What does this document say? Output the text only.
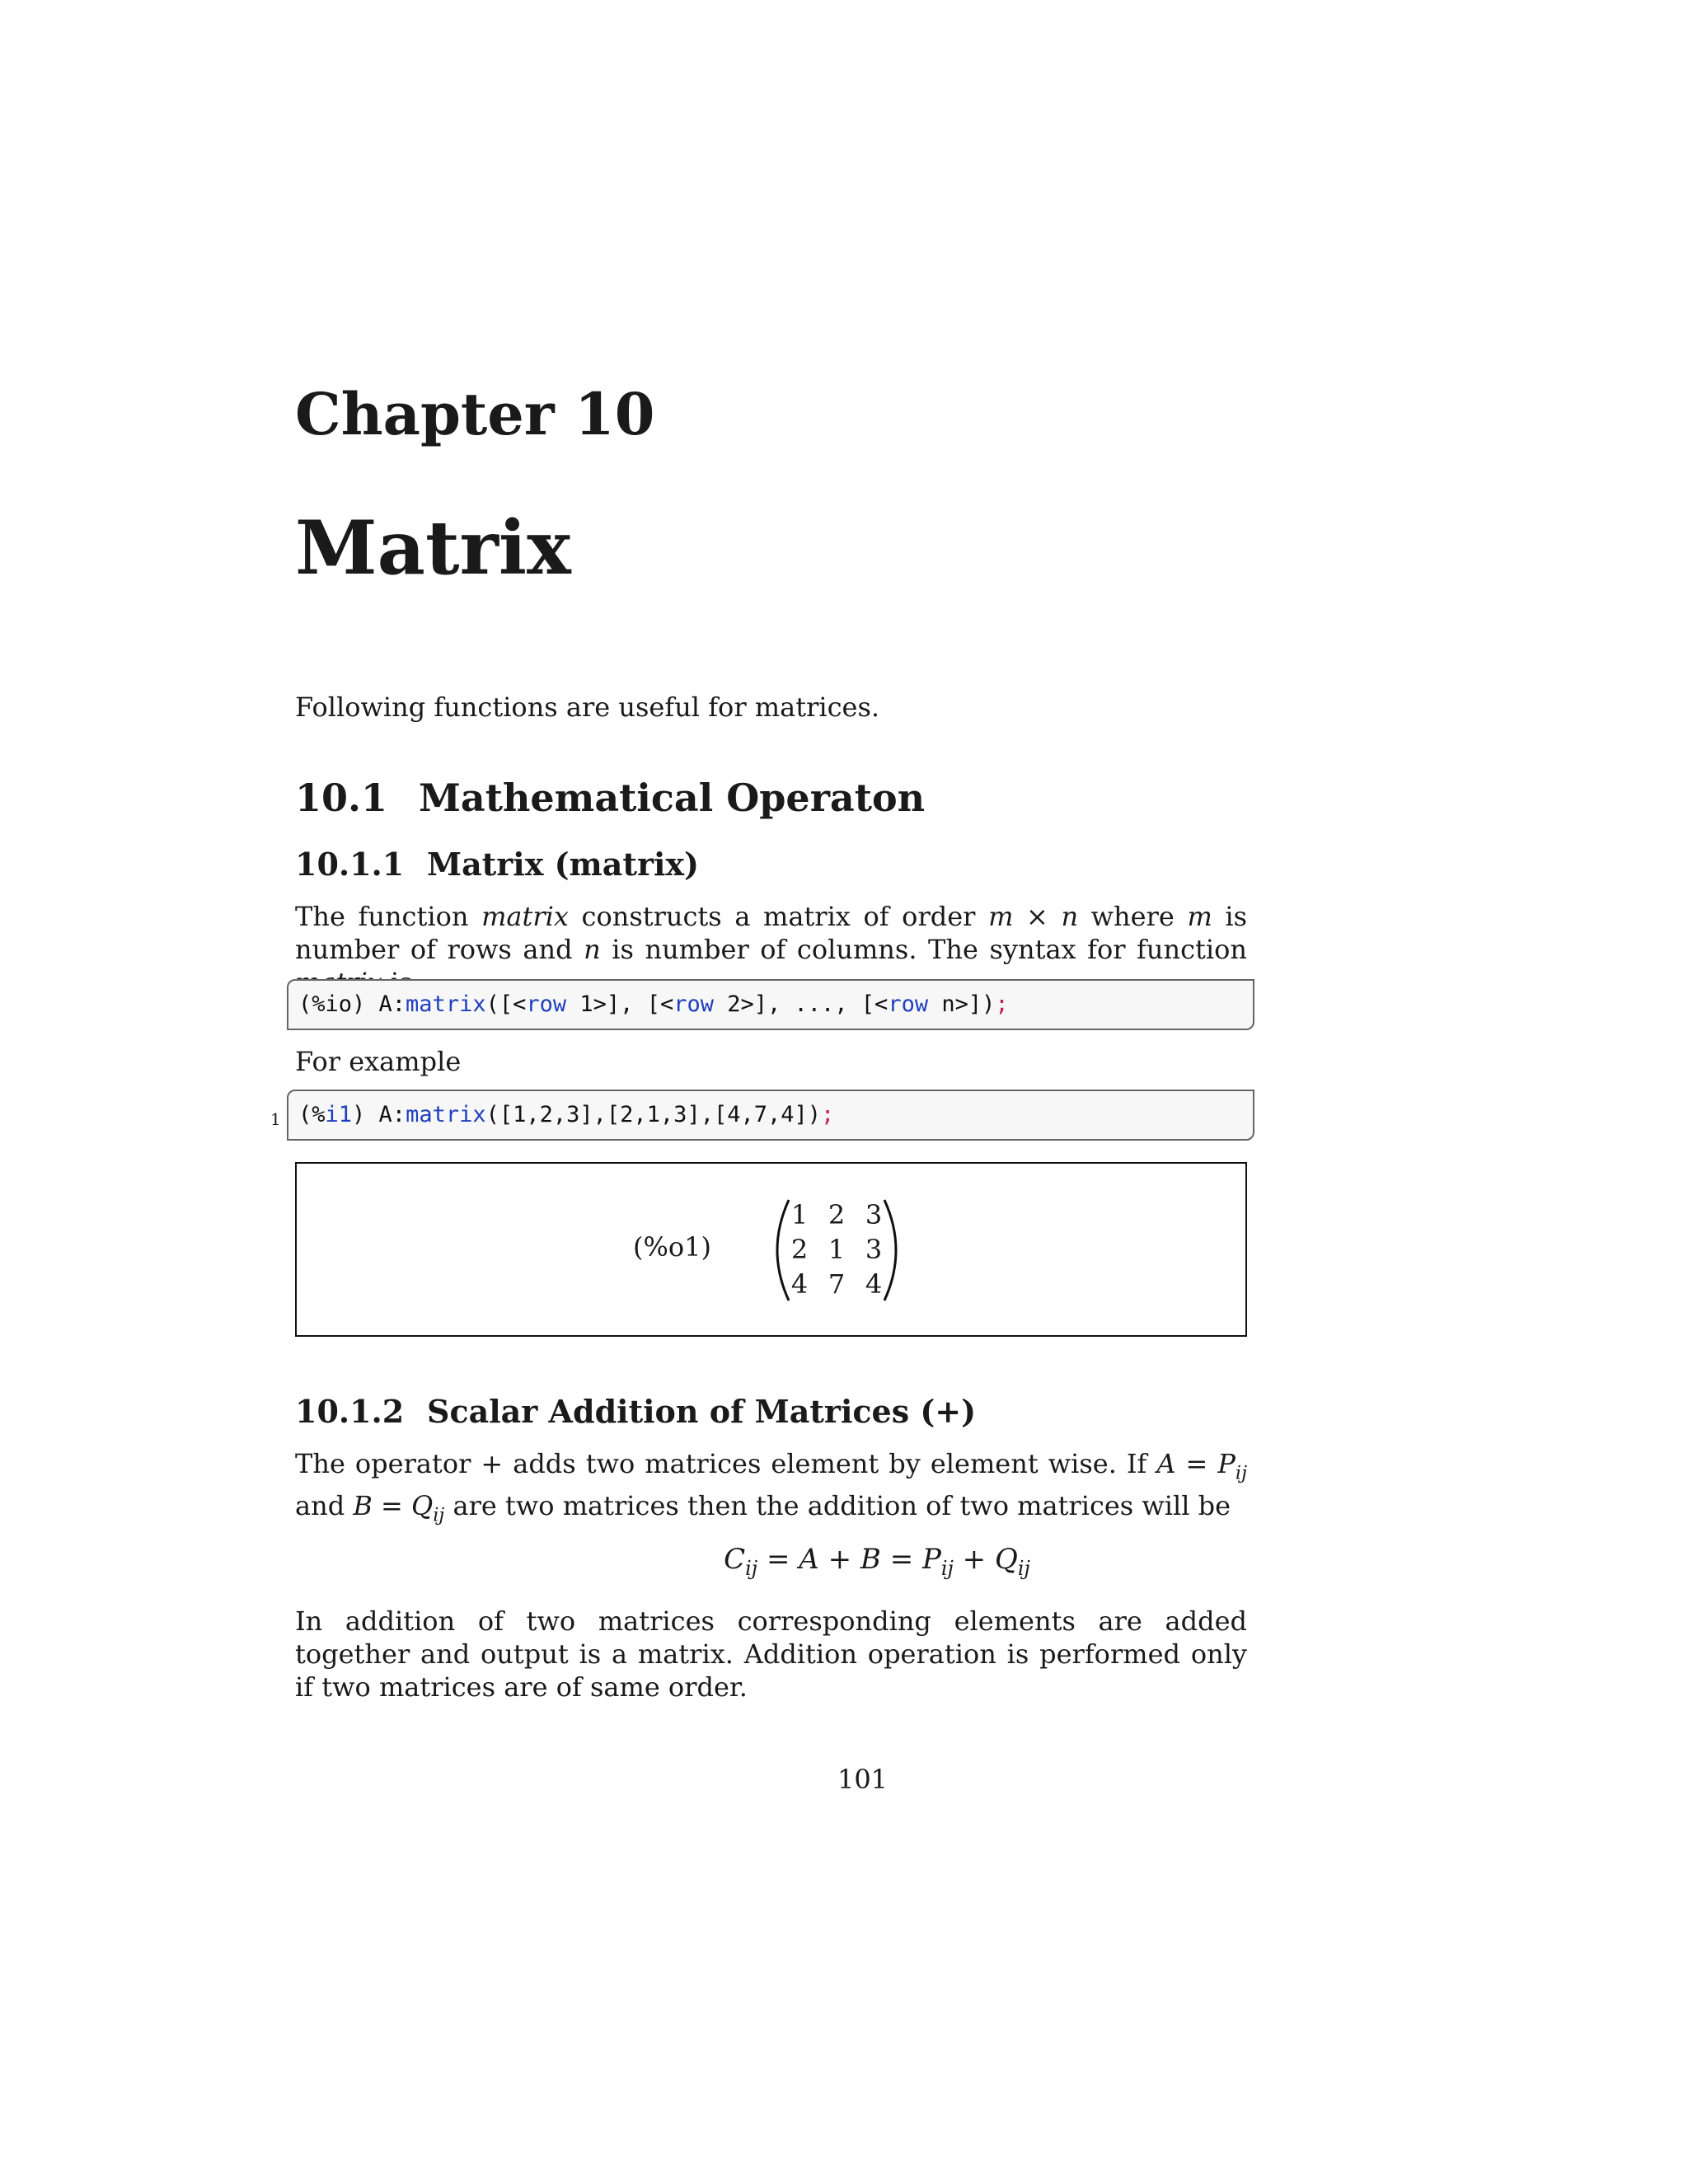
Chapter 10
Matrix
Following functions are useful for matrices.
10.1 Mathematical Operaton
10.1.1 Matrix (matrix)
The function matrix constructs a matrix of order m × n where m is number of rows and n is number of columns. The syntax for function
(%io) A:matrix([<row 1>], [<row 2>], ..., [<row n>]);
For example
1 (%i1) A:matrix([1,2,3],[2,1,3],[4,7,4]);
(%o1)
1 2 3
2 1 3
4 7 4
10.1.2 Scalar Addition of Matrices (+)
The operator + adds two matrices element by element wise. If $A = P_{ij}$ and $B = Q_{ij}$ are two matrices then the addition of two matrices will be
$C_{ij} = A + B = P_{ij} + Q_{ij}$
In addition of two matrices corresponding elements are added together and output is a matrix. Addition operation is performed only if two matrices are of same order.
101
